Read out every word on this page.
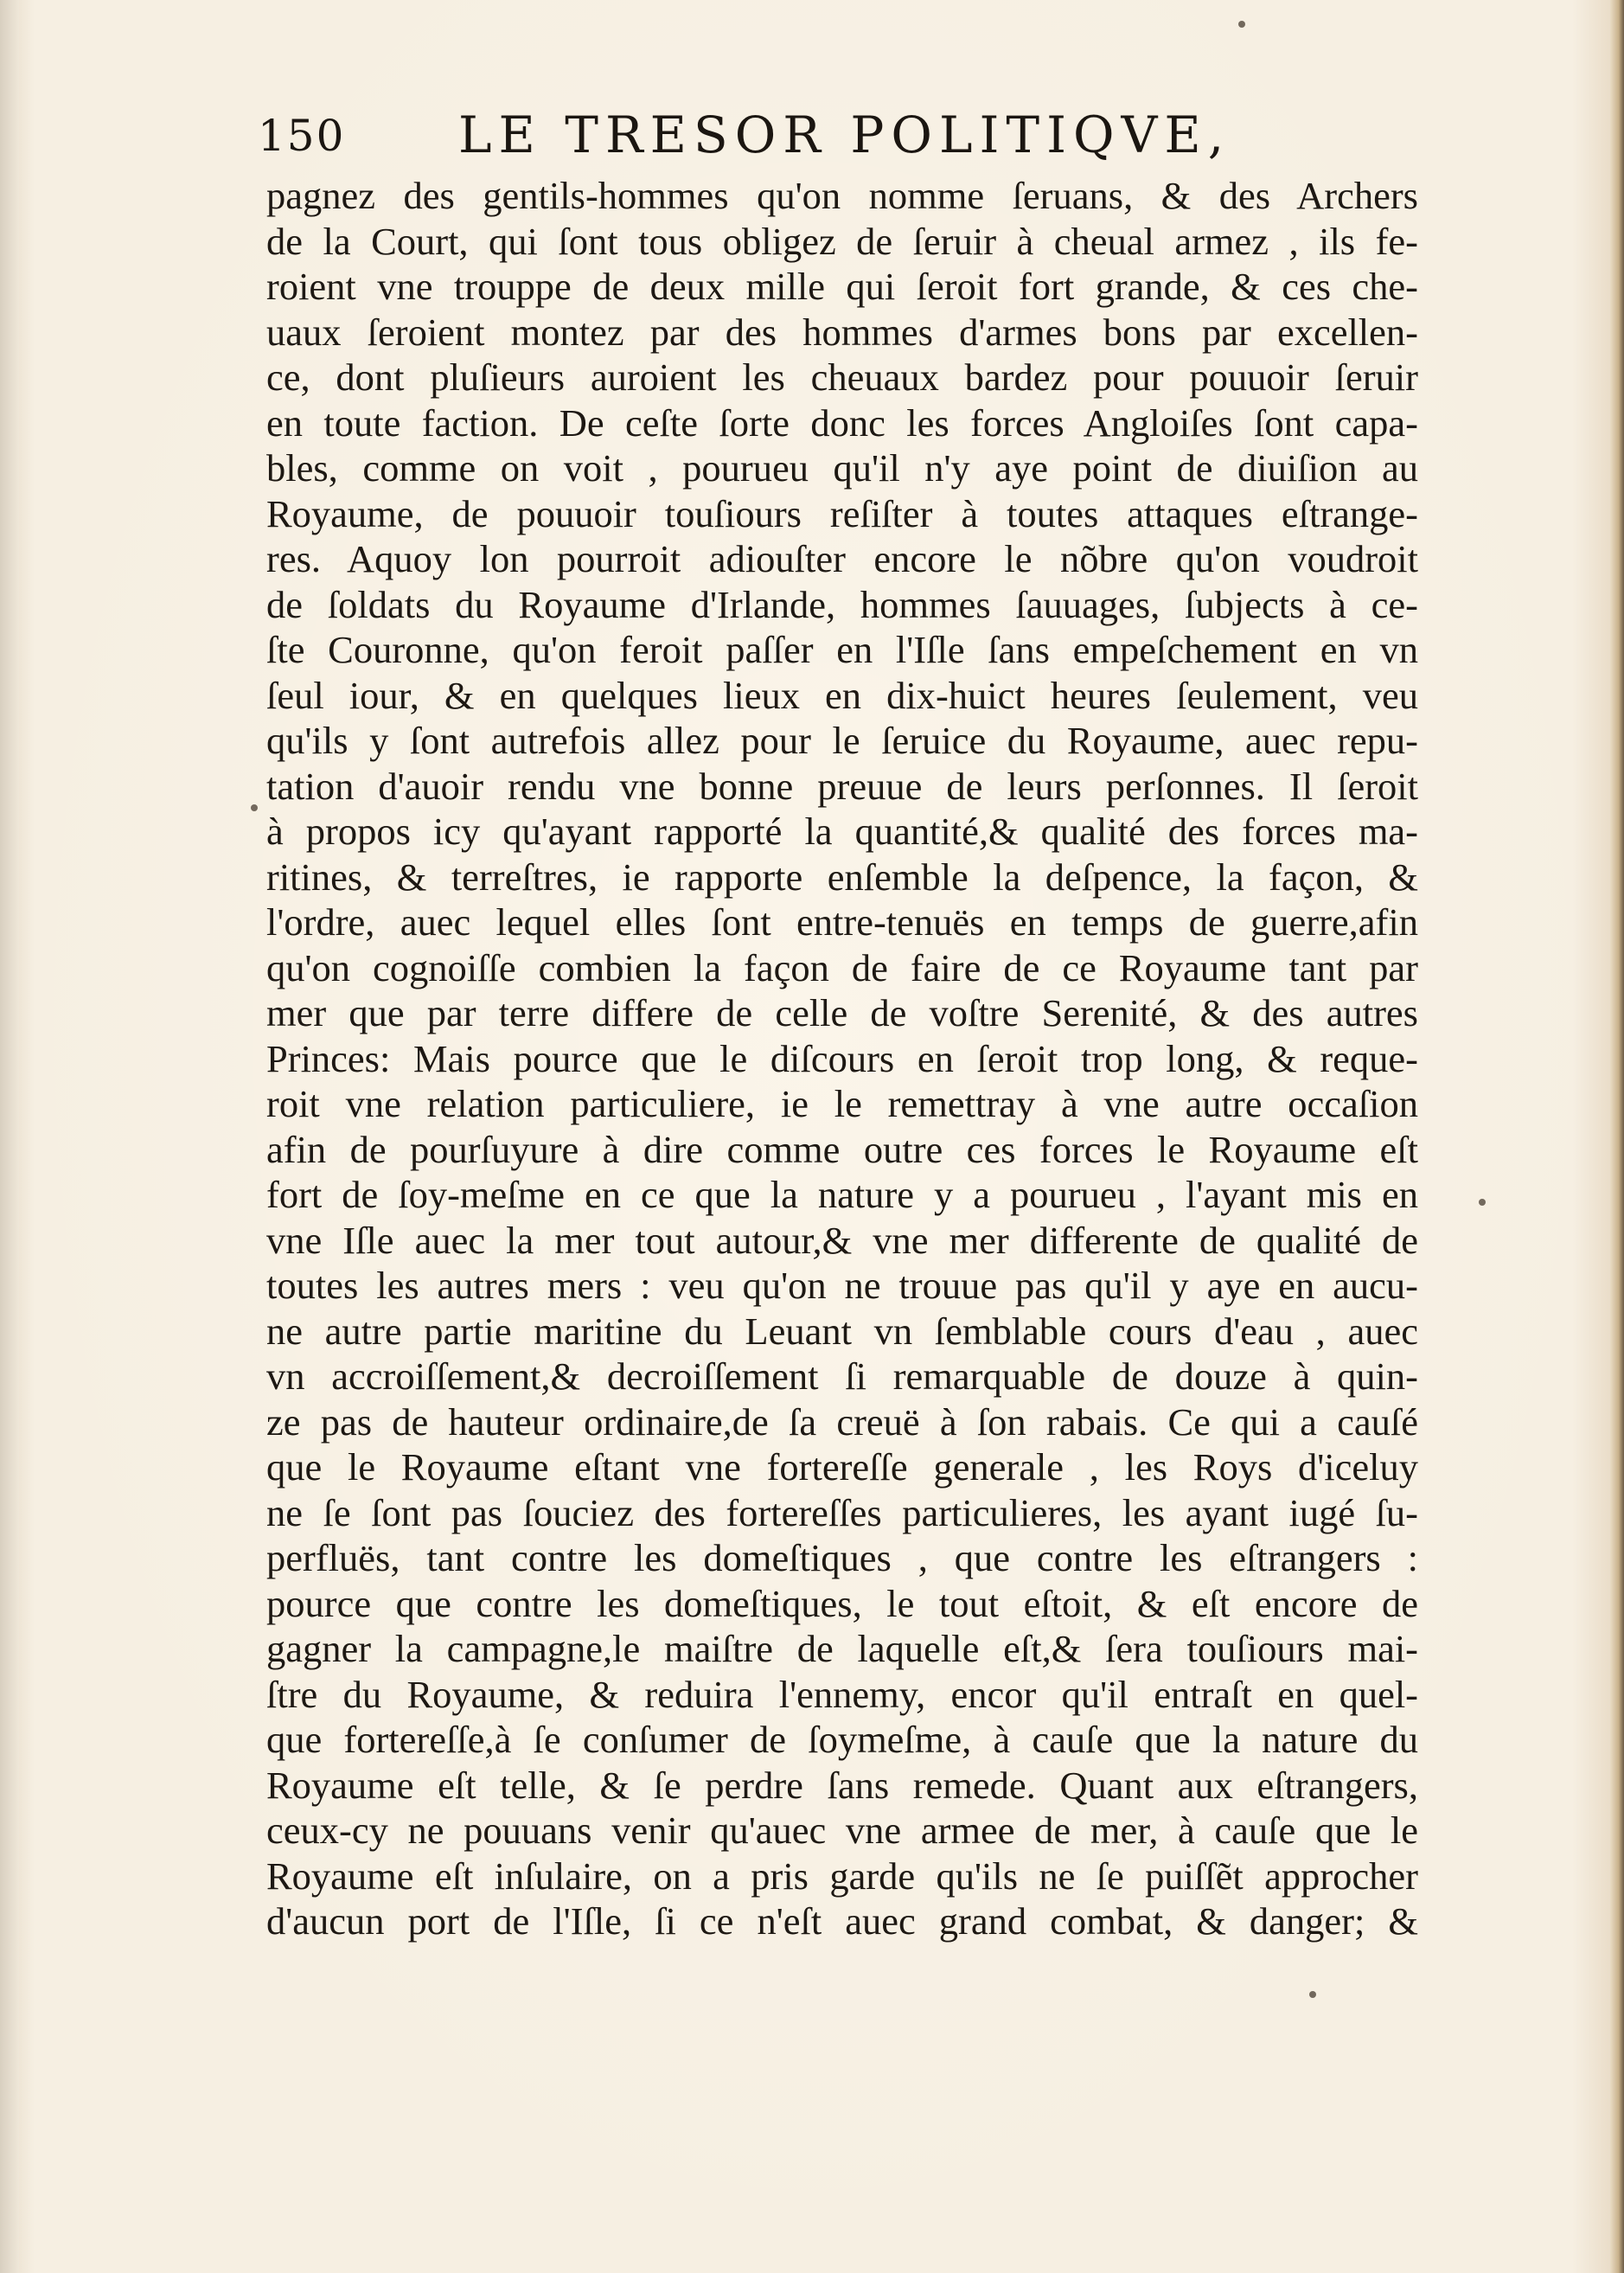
150 LE TRESOR POLITIQVE,
pagnez des gentils-hommes qu'on nomme ſeruans, & des Archers
de la Court, qui ſont tous obligez de ſeruir à cheual armez , ils fe-
roient vne trouppe de deux mille qui ſeroit fort grande, & ces che-
uaux ſeroient montez par des hommes d'armes bons par excellen-
ce, dont pluſieurs auroient les cheuaux bardez pour pouuoir ſeruir
en toute faction. De ceſte ſorte donc les forces Angloiſes ſont capa-
bles, comme on voit , pourueu qu'il n'y aye point de diuiſion au
Royaume, de pouuoir touſiours reſiſter à toutes attaques eſtrange-
res. Aquoy lon pourroit adiouſter encore le nõbre qu'on voudroit
de ſoldats du Royaume d'Irlande, hommes ſauuages, ſubjects à ce-
ſte Couronne, qu'on feroit paſſer en l'Iſle ſans empeſchement en vn
ſeul iour, & en quelques lieux en dix-huict heures ſeulement, veu
qu'ils y ſont autrefois allez pour le ſeruice du Royaume, auec repu-
tation d'auoir rendu vne bonne preuue de leurs perſonnes. Il ſeroit
à propos icy qu'ayant rapporté la quantité,& qualité des forces ma-
ritines, & terreſtres, ie rapporte enſemble la deſpence, la façon, &
l'ordre, auec lequel elles ſont entre-tenuës en temps de guerre,afin
qu'on cognoiſſe combien la façon de faire de ce Royaume tant par
mer que par terre differe de celle de voſtre Serenité, & des autres
Princes: Mais pource que le diſcours en ſeroit trop long, & reque-
roit vne relation particuliere, ie le remettray à vne autre occaſion
afin de pourſuyure à dire comme outre ces forces le Royaume eſt
fort de ſoy-meſme en ce que la nature y a pourueu , l'ayant mis en
vne Iſle auec la mer tout autour,& vne mer differente de qualité de
toutes les autres mers : veu qu'on ne trouue pas qu'il y aye en aucu-
ne autre partie maritine du Leuant vn ſemblable cours d'eau , auec
vn accroiſſement,& decroiſſement ſi remarquable de douze à quin-
ze pas de hauteur ordinaire,de ſa creuë à ſon rabais. Ce qui a cauſé
que le Royaume eſtant vne fortereſſe generale , les Roys d'iceluy
ne ſe ſont pas ſouciez des fortereſſes particulieres, les ayant iugé ſu-
perfluës, tant contre les domeſtiques , que contre les eſtrangers :
pource que contre les domeſtiques, le tout eſtoit, & eſt encore de
gagner la campagne,le maiſtre de laquelle eſt,& ſera touſiours mai-
ſtre du Royaume, & reduira l'ennemy, encor qu'il entraſt en quel-
que fortereſſe,à ſe conſumer de ſoymeſme, à cauſe que la nature du
Royaume eſt telle, & ſe perdre ſans remede. Quant aux eſtrangers,
ceux-cy ne pouuans venir qu'auec vne armee de mer, à cauſe que le
Royaume eſt inſulaire, on a pris garde qu'ils ne ſe puiſſẽt approcher
d'aucun port de l'Iſle, ſi ce n'eſt auec grand combat, & danger; &
